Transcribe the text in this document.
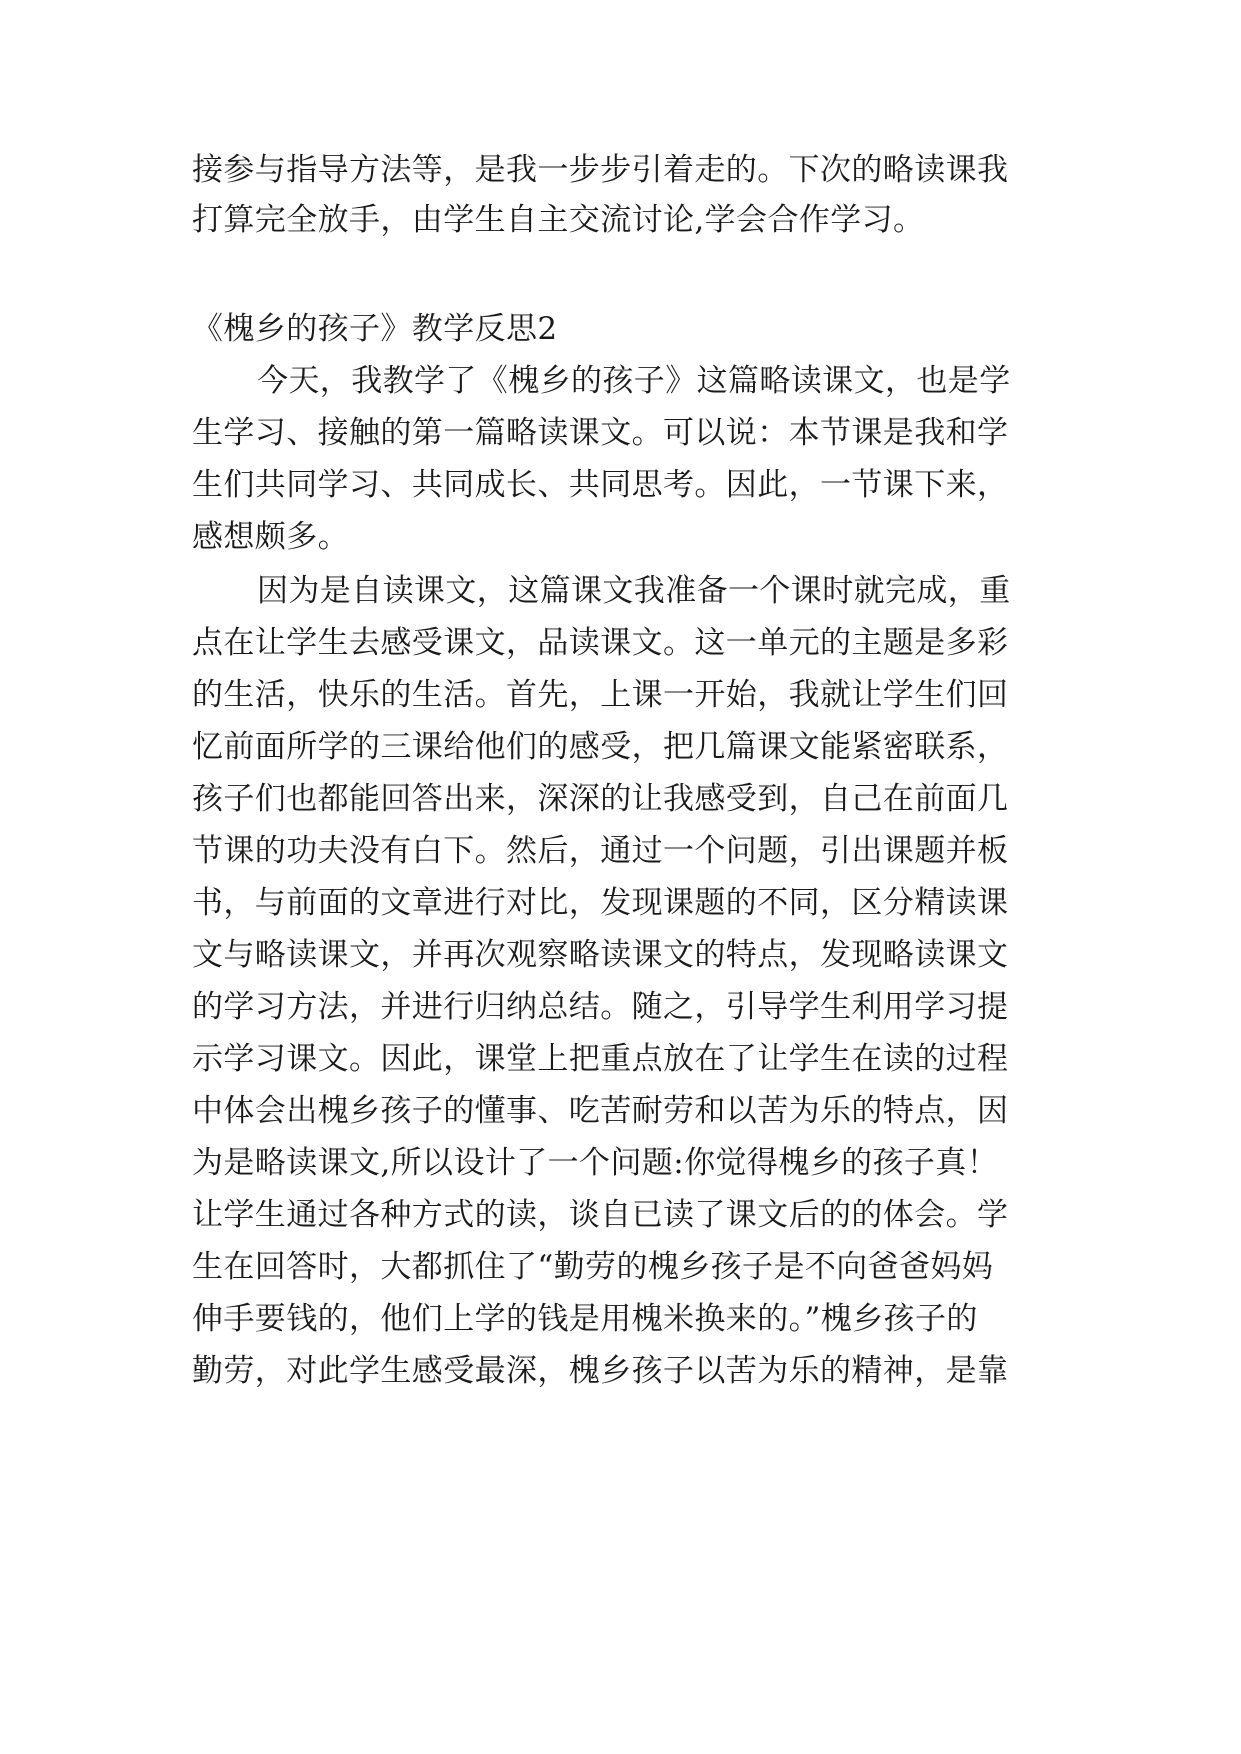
接参与指导方法等，是我一步步引着走的。下次的略读课我
打算完全放手，由学生自主交流讨论,学会合作学习。
《槐乡的孩子》教学反思2
今天，我教学了《槐乡的孩子》这篇略读课文，也是学
生学习、接触的第一篇略读课文。可以说：本节课是我和学
生们共同学习、共同成长、共同思考。因此，一节课下来，
感想颇多。
因为是自读课文，这篇课文我准备一个课时就完成，重
点在让学生去感受课文，品读课文。这一单元的主题是多彩
的生活，快乐的生活。首先，上课一开始，我就让学生们回
忆前面所学的三课给他们的感受，把几篇课文能紧密联系，
孩子们也都能回答出来，深深的让我感受到，自己在前面几
节课的功夫没有白下。然后，通过一个问题，引出课题并板
书，与前面的文章进行对比，发现课题的不同，区分精读课
文与略读课文，并再次观察略读课文的特点，发现略读课文
的学习方法，并进行归纳总结。随之，引导学生利用学习提
示学习课文。因此，课堂上把重点放在了让学生在读的过程
中体会出槐乡孩子的懂事、吃苦耐劳和以苦为乐的特点，因
为是略读课文,所以设计了一个问题:你觉得槐乡的孩子真！
让学生通过各种方式的读，谈自已读了课文后的的体会。学
生在回答时，大都抓住了“勤劳的槐乡孩子是不向爸爸妈妈
伸手要钱的，他们上学的钱是用槐米换来的。”槐乡孩子的
勤劳，对此学生感受最深，槐乡孩子以苦为乐的精神，是靠
